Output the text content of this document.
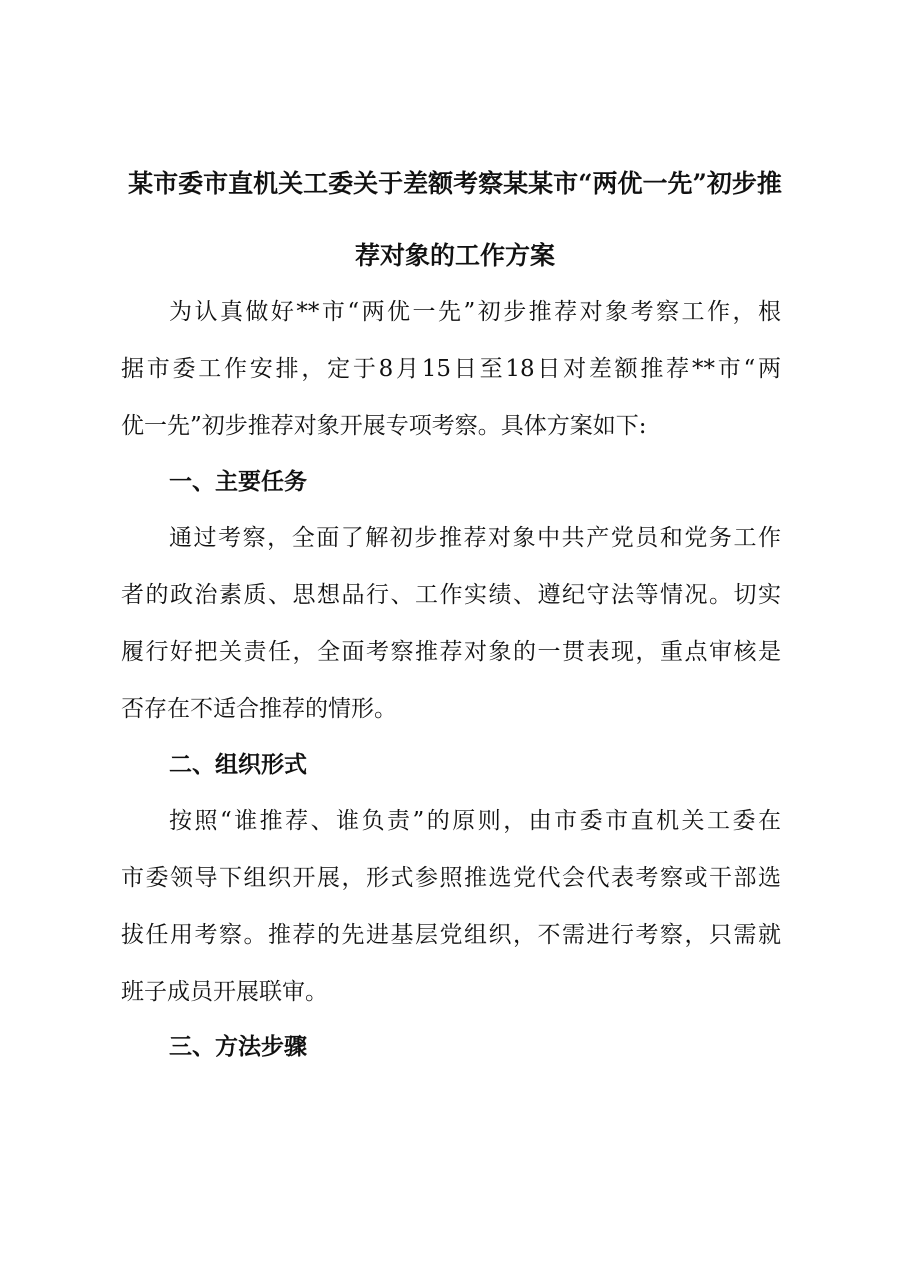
某市委市直机关工委关于差额考察某某市“两优一先”初步推
荐对象的工作方案

为认真做好**市“两优一先”初步推荐对象考察工作，根
据市委工作安排，定于8月15日至18日对差额推荐**市“两
优一先”初步推荐对象开展专项考察。具体方案如下:

一、主要任务

通过考察，全面了解初步推荐对象中共产党员和党务工作
者的政治素质、思想品行、工作实绩、遵纪守法等情况。切实
履行好把关责任，全面考察推荐对象的一贯表现，重点审核是
否存在不适合推荐的情形。

二、组织形式

按照“谁推荐、谁负责”的原则，由市委市直机关工委在
市委领导下组织开展，形式参照推选党代会代表考察或干部选
拔任用考察。推荐的先进基层党组织，不需进行考察，只需就
班子成员开展联审。

三、方法步骤
